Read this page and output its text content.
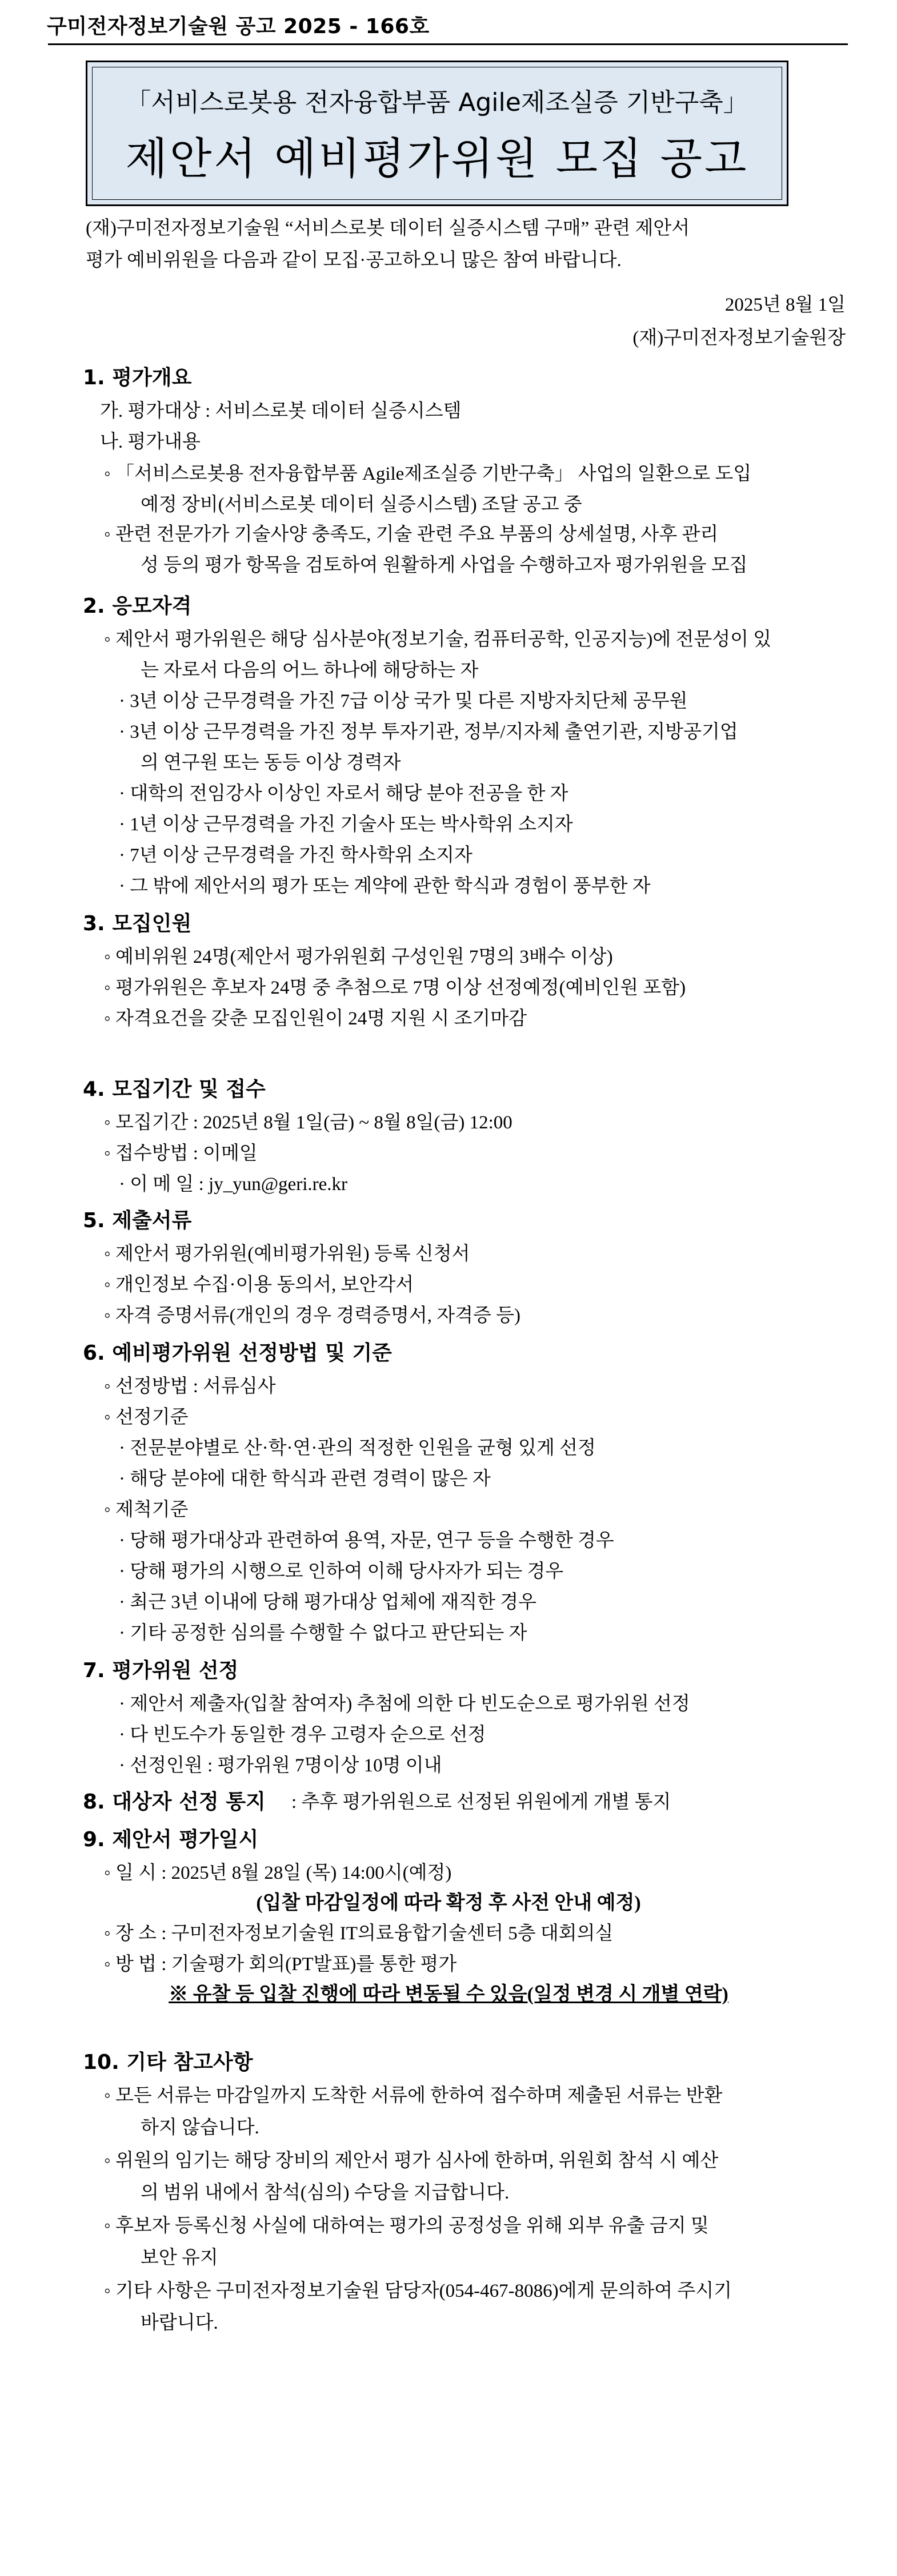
구미전자정보기술원 공고 2025 - 166호
「서비스로봇용 전자융합부품 Agile제조실증 기반구축」
제안서 예비평가위원 모집 공고
(재)구미전자정보기술원 “서비스로봇 데이터 실증시스템 구매” 관련 제안서
평가 예비위원을 다음과 같이 모집·공고하오니 많은 참여 바랍니다.
2025년 8월 1일
(재)구미전자정보기술원장
1. 평가개요
가. 평가대상 : 서비스로봇 데이터 실증시스템
나. 평가내용
◦ 「서비스로봇용 전자융합부품 Agile제조실증 기반구축」 사업의 일환으로 도입
예정 장비(서비스로봇 데이터 실증시스템) 조달 공고 중
◦ 관련 전문가가 기술사양 충족도, 기술 관련 주요 부품의 상세설명, 사후 관리
성 등의 평가 항목을 검토하여 원활하게 사업을 수행하고자 평가위원을 모집
2. 응모자격
◦ 제안서 평가위원은 해당 심사분야(정보기술, 컴퓨터공학, 인공지능)에 전문성이 있
는 자로서 다음의 어느 하나에 해당하는 자
· 3년 이상 근무경력을 가진 7급 이상 국가 및 다른 지방자치단체 공무원
· 3년 이상 근무경력을 가진 정부 투자기관, 정부/지자체 출연기관, 지방공기업
의 연구원 또는 동등 이상 경력자
· 대학의 전임강사 이상인 자로서 해당 분야 전공을 한 자
· 1년 이상 근무경력을 가진 기술사 또는 박사학위 소지자
· 7년 이상 근무경력을 가진 학사학위 소지자
· 그 밖에 제안서의 평가 또는 계약에 관한 학식과 경험이 풍부한 자
3. 모집인원
◦ 예비위원 24명(제안서 평가위원회 구성인원 7명의 3배수 이상)
◦ 평가위원은 후보자 24명 중 추첨으로 7명 이상 선정예정(예비인원 포함)
◦ 자격요건을 갖춘 모집인원이 24명 지원 시 조기마감
4. 모집기간 및 접수
◦ 모집기간 : 2025년 8월 1일(금) ~ 8월 8일(금) 12:00
◦ 접수방법 : 이메일
· 이 메 일 : jy_yun@geri.re.kr
5. 제출서류
◦ 제안서 평가위원(예비평가위원) 등록 신청서
◦ 개인정보 수집·이용 동의서, 보안각서
◦ 자격 증명서류(개인의 경우 경력증명서, 자격증 등)
6. 예비평가위원 선정방법 및 기준
◦ 선정방법 : 서류심사
◦ 선정기준
· 전문분야별로 산·학·연·관의 적정한 인원을 균형 있게 선정
· 해당 분야에 대한 학식과 관련 경력이 많은 자
◦ 제척기준
· 당해 평가대상과 관련하여 용역, 자문, 연구 등을 수행한 경우
· 당해 평가의 시행으로 인하여 이해 당사자가 되는 경우
· 최근 3년 이내에 당해 평가대상 업체에 재직한 경우
· 기타 공정한 심의를 수행할 수 없다고 판단되는 자
7. 평가위원 선정
· 제안서 제출자(입찰 참여자) 추첨에 의한 다 빈도순으로 평가위원 선정
· 다 빈도수가 동일한 경우 고령자 순으로 선정
· 선정인원 : 평가위원 7명이상 10명 이내
8. 대상자 선정 통지 : 추후 평가위원으로 선정된 위원에게 개별 통지
9. 제안서 평가일시
◦ 일 시 : 2025년 8월 28일 (목) 14:00시(예정)
(입찰 마감일정에 따라 확정 후 사전 안내 예정)
◦ 장 소 : 구미전자정보기술원 IT의료융합기술센터 5층 대회의실
◦ 방 법 : 기술평가 회의(PT발표)를 통한 평가
※ 유찰 등 입찰 진행에 따라 변동될 수 있음(일정 변경 시 개별 연락)
10. 기타 참고사항
◦ 모든 서류는 마감일까지 도착한 서류에 한하여 접수하며 제출된 서류는 반환
하지 않습니다.
◦ 위원의 임기는 해당 장비의 제안서 평가 심사에 한하며, 위원회 참석 시 예산
의 범위 내에서 참석(심의) 수당을 지급합니다.
◦ 후보자 등록신청 사실에 대하여는 평가의 공정성을 위해 외부 유출 금지 및
보안 유지
◦ 기타 사항은 구미전자정보기술원 담당자(054-467-8086)에게 문의하여 주시기
바랍니다.
